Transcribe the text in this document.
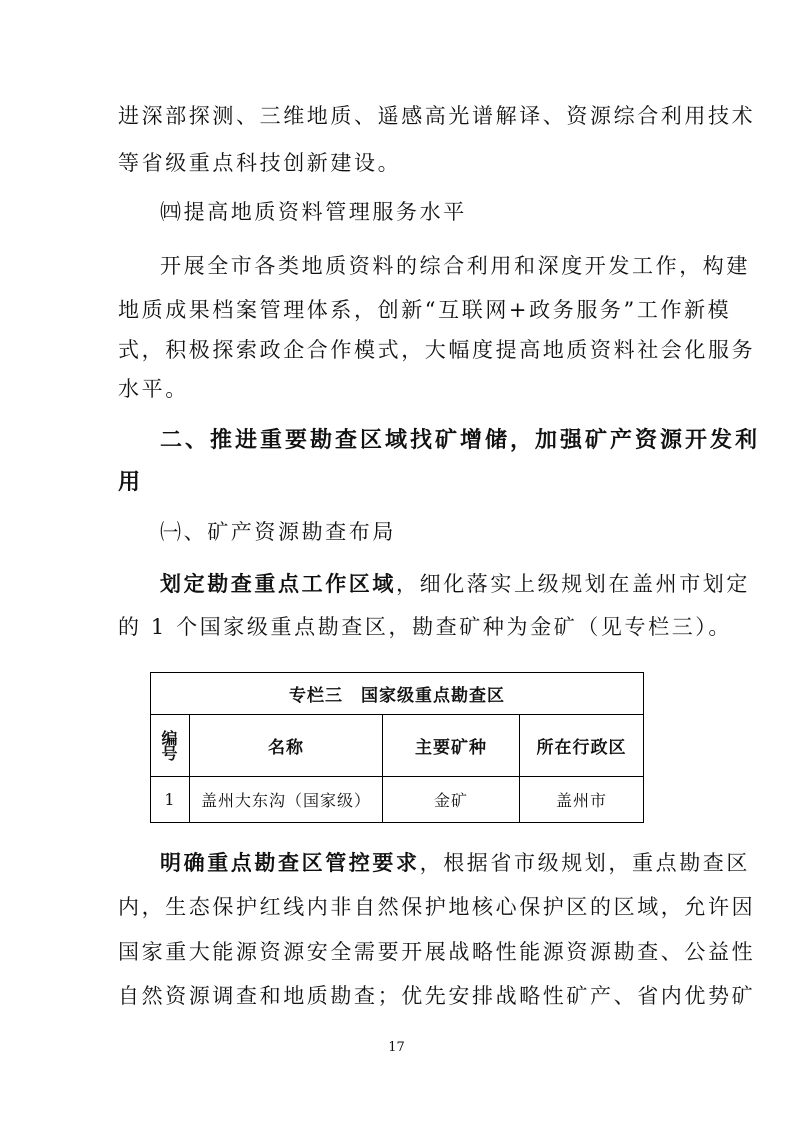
进深部探测、三维地质、遥感高光谱解译、资源综合利用技术
等省级重点科技创新建设。
㈣提高地质资料管理服务水平
开展全市各类地质资料的综合利用和深度开发工作，构建
地质成果档案管理体系，创新“互联网+政务服务”工作新模
式，积极探索政企合作模式，大幅度提高地质资料社会化服务
水平。
二、推进重要勘查区域找矿增储，加强矿产资源开发利
用
㈠、矿产资源勘查布局
划定勘查重点工作区域，细化落实上级规划在盖州市划定
的 1 个国家级重点勘查区，勘查矿种为金矿（见专栏三）。
专栏三　国家级重点勘查区			

编
号	名称	主要矿种	所在行政区
1	盖州大东沟（国家级）	金矿	盖州市
明确重点勘查区管控要求，根据省市级规划，重点勘查区
内，生态保护红线内非自然保护地核心保护区的区域，允许因
国家重大能源资源安全需要开展战略性能源资源勘查、公益性
自然资源调查和地质勘查；优先安排战略性矿产、省内优势矿
17
